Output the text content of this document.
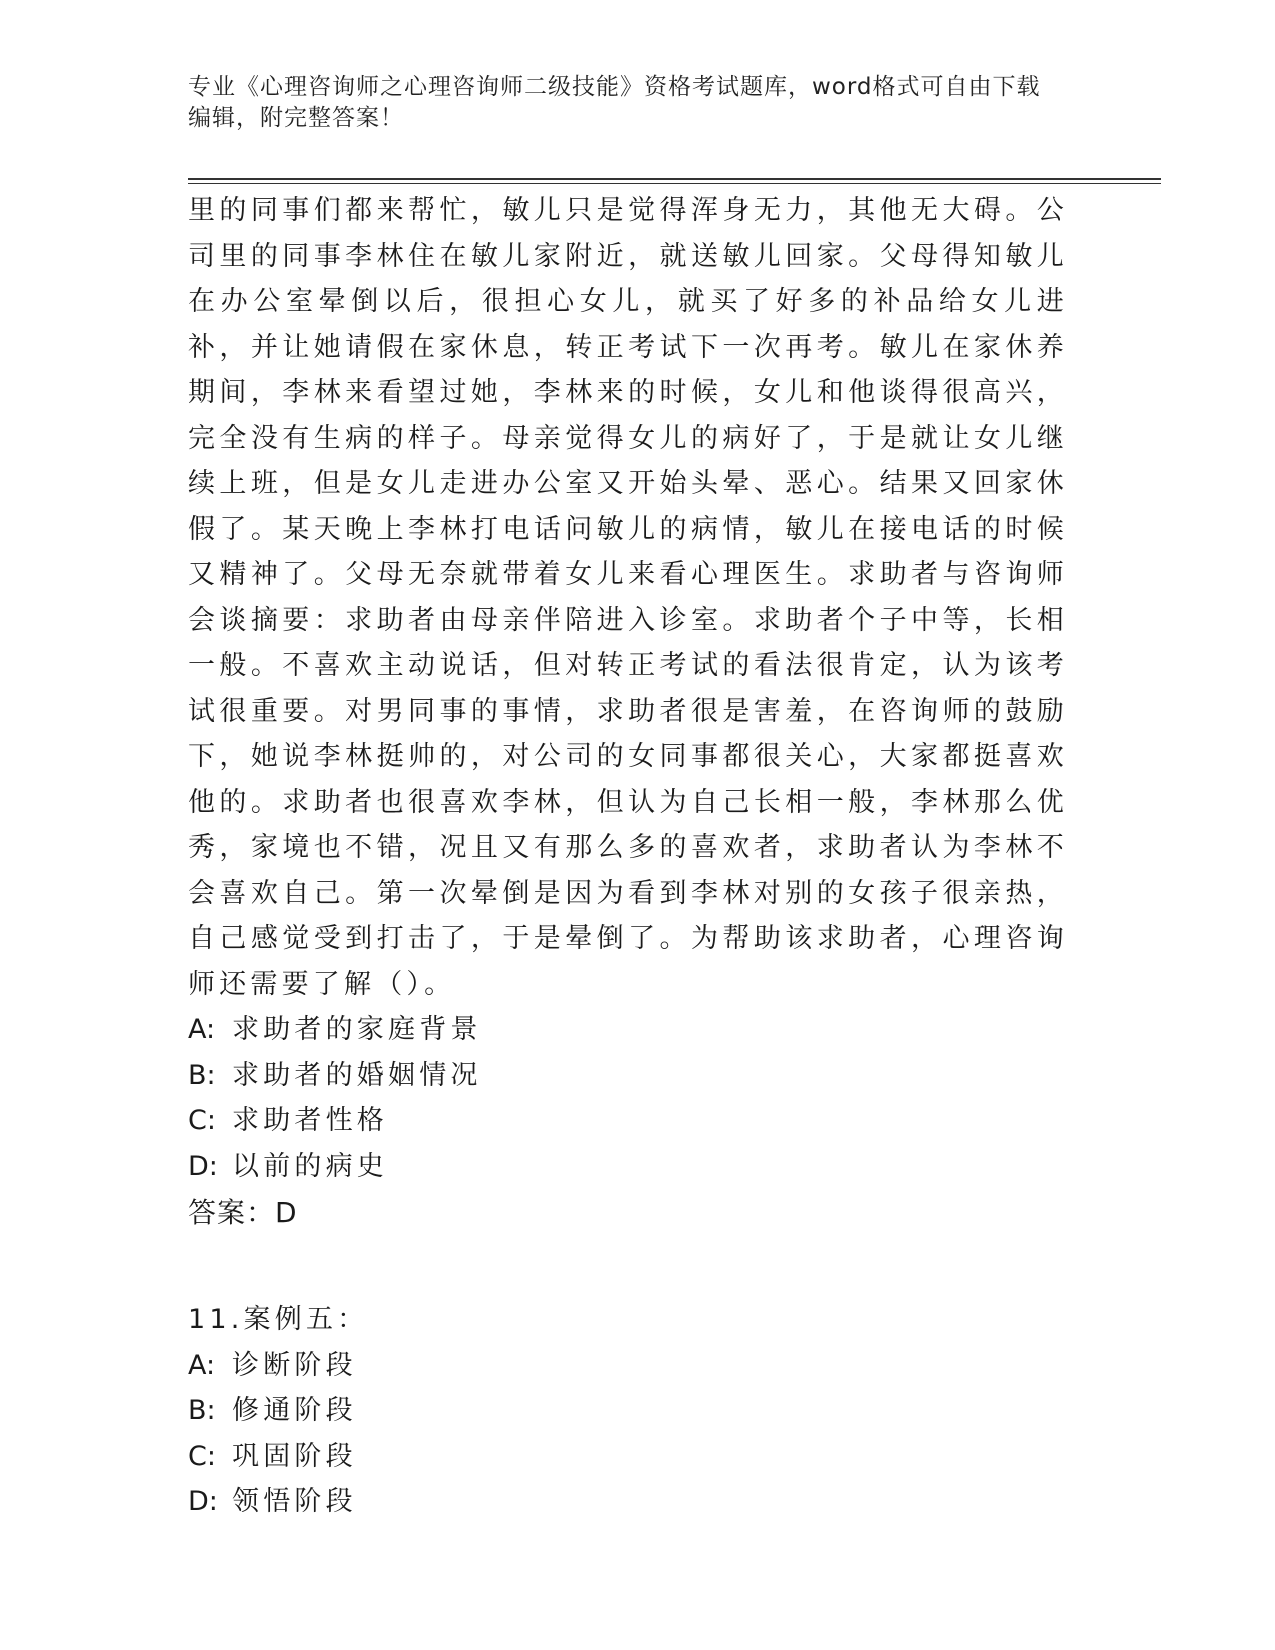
专业《心理咨询师之心理咨询师二级技能》资格考试题库，word格式可自由下载
编辑，附完整答案！

里的同事们都来帮忙，敏儿只是觉得浑身无力，其他无大碍。公司里的同事李林住在敏儿家附近，就送敏儿回家。父母得知敏儿在办公室晕倒以后，很担心女儿，就买了好多的补品给女儿进补，并让她请假在家休息，转正考试下一次再考。敏儿在家休养期间，李林来看望过她，李林来的时候，女儿和他谈得很高兴，完全没有生病的样子。母亲觉得女儿的病好了，于是就让女儿继续上班，但是女儿走进办公室又开始头晕、恶心。结果又回家休假了。某天晚上李林打电话问敏儿的病情，敏儿在接电话的时候又精神了。父母无奈就带着女儿来看心理医生。求助者与咨询师会谈摘要：求助者由母亲伴陪进入诊室。求助者个子中等，长相一般。不喜欢主动说话，但对转正考试的看法很肯定，认为该考试很重要。对男同事的事情，求助者很是害羞，在咨询师的鼓励下，她说李林挺帅的，对公司的女同事都很关心，大家都挺喜欢他的。求助者也很喜欢李林，但认为自己长相一般，李林那么优秀，家境也不错，况且又有那么多的喜欢者，求助者认为李林不会喜欢自己。第一次晕倒是因为看到李林对别的女孩子很亲热，自己感觉受到打击了，于是晕倒了。为帮助该求助者，心理咨询师还需要了解（）。

A: 求助者的家庭背景
B: 求助者的婚姻情况
C: 求助者性格
D: 以前的病史

答案：D

11.案例五：

A: 诊断阶段
B: 修通阶段
C: 巩固阶段
D: 领悟阶段
